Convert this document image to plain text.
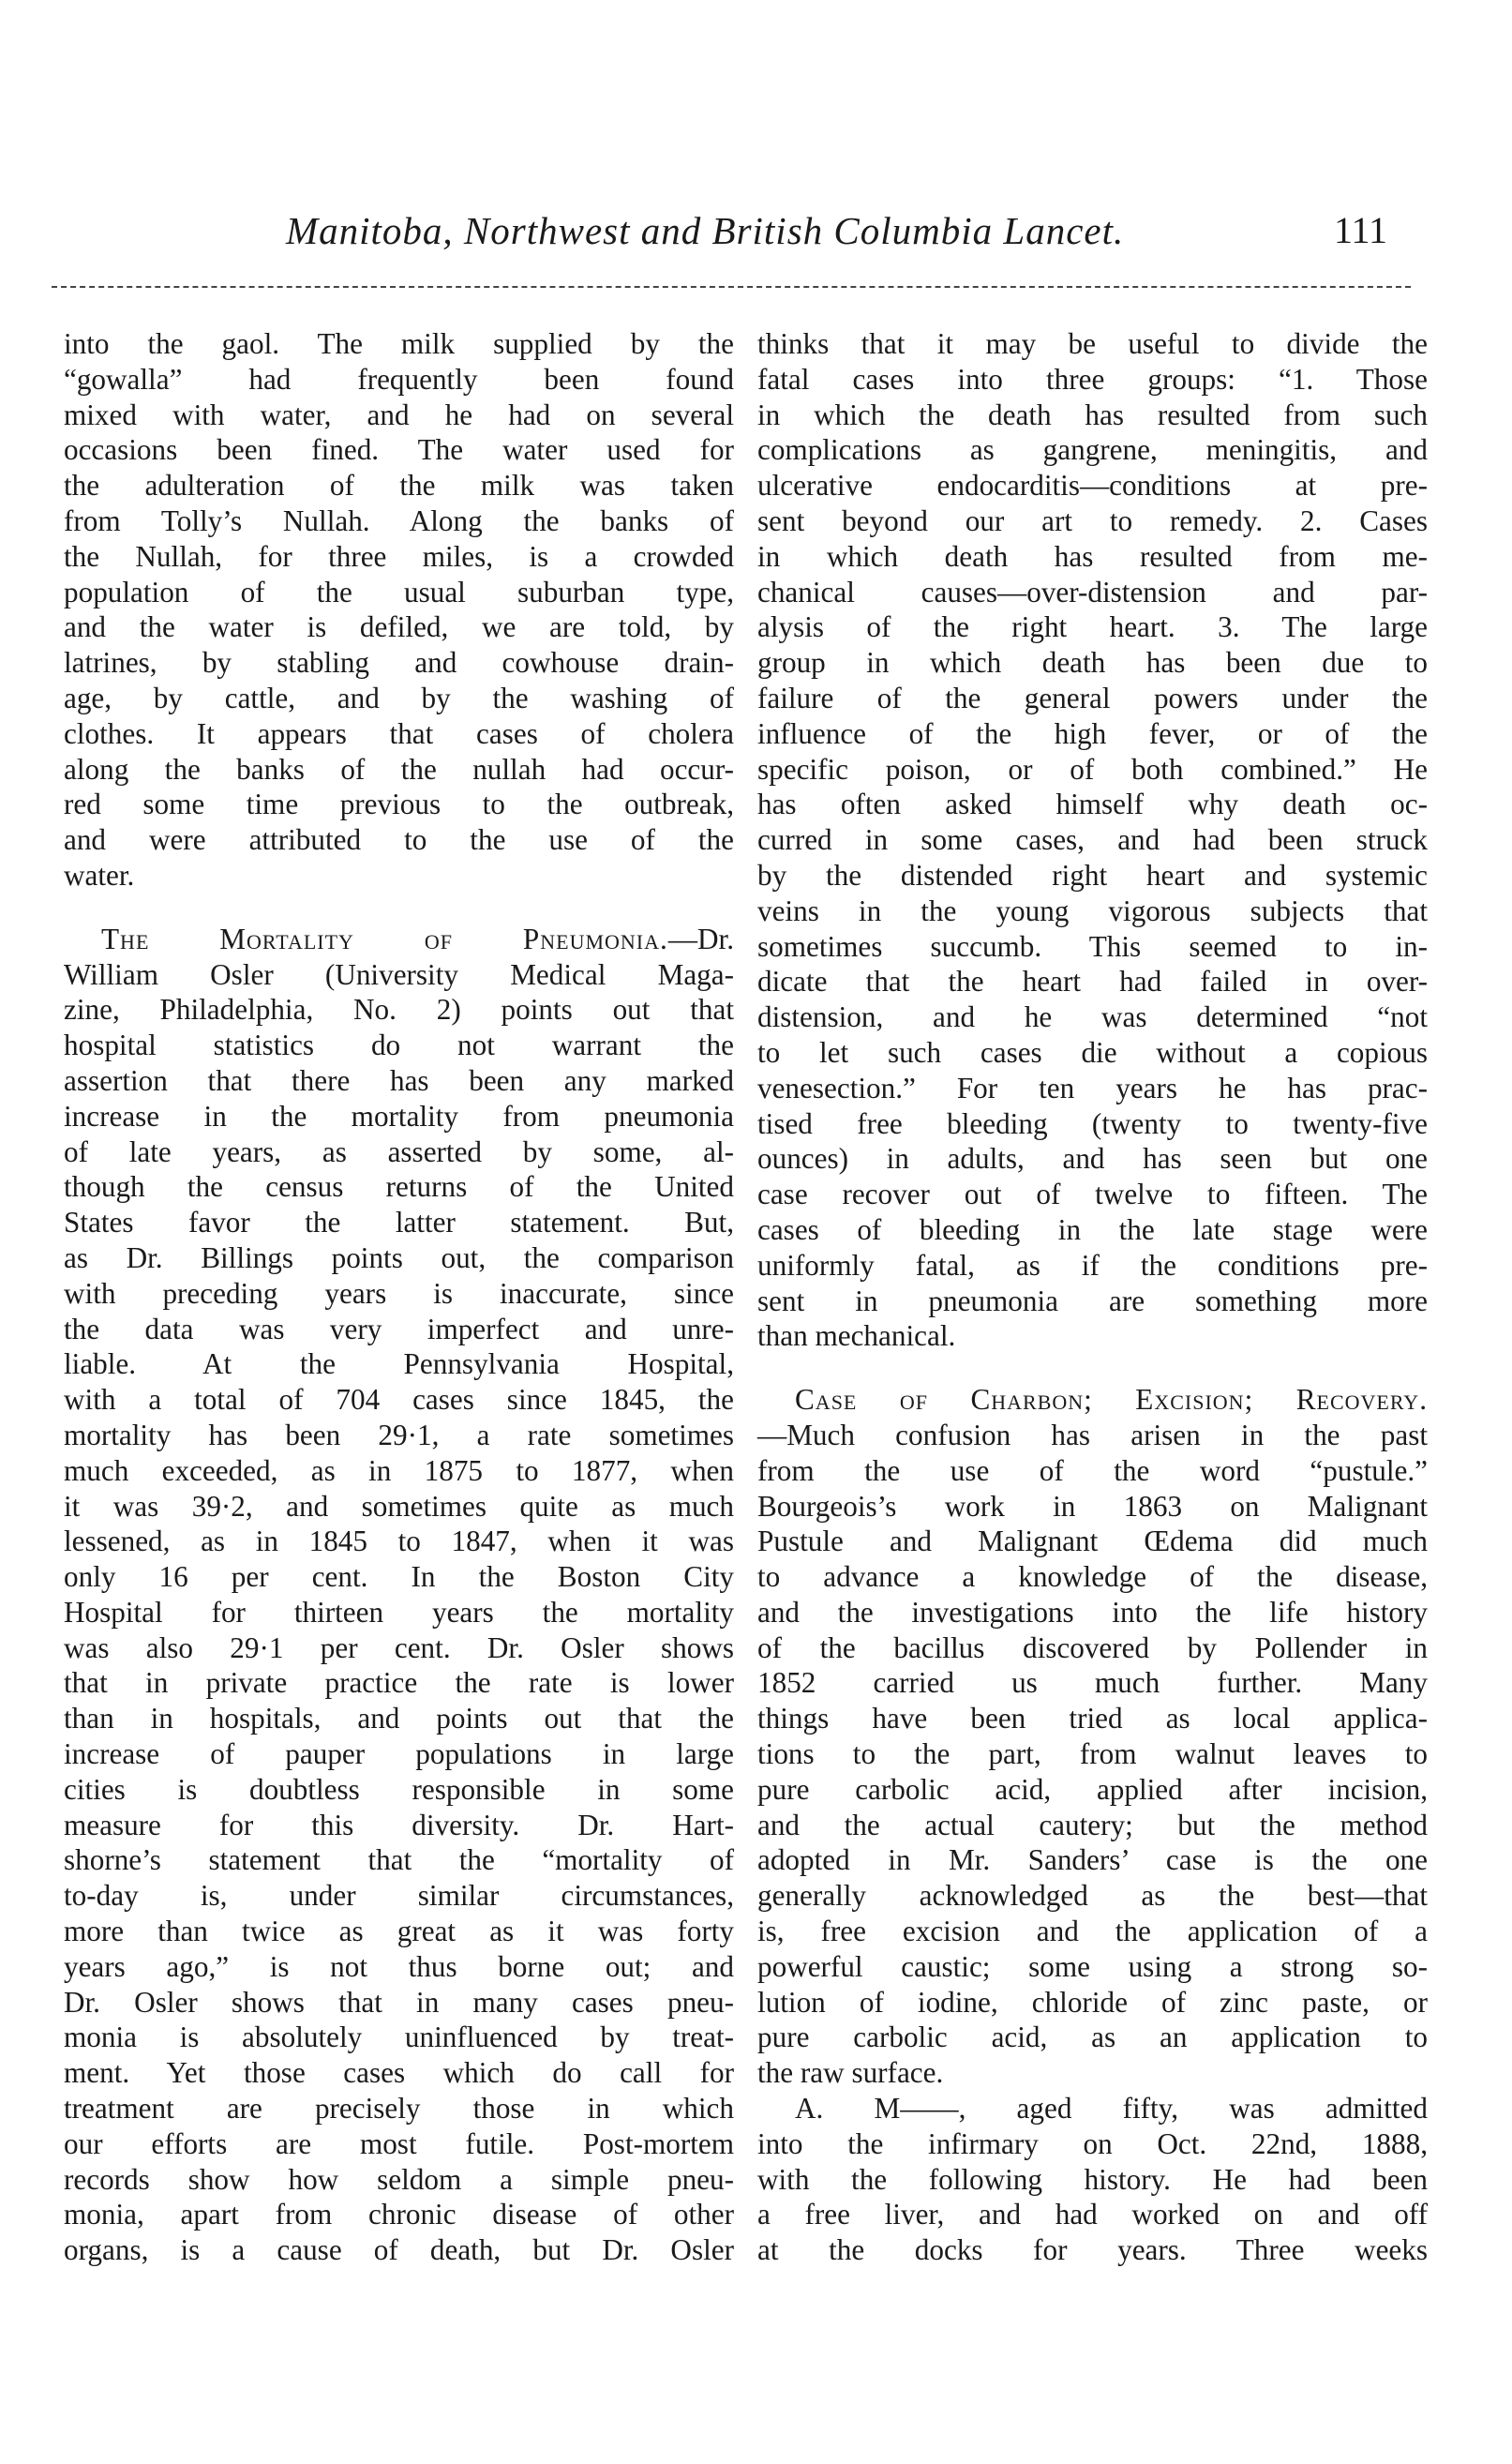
Manitoba, Northwest and British Columbia Lancet.	111
into the gaol. The milk supplied by the
“gowalla” had frequently been found
mixed with water, and he had on several
occasions been fined. The water used for
the adulteration of the milk was taken
from Tolly’s Nullah. Along the banks of
the Nullah, for three miles, is a crowded
population of the usual suburban type,
and the water is defiled, we are told, by
latrines, by stabling and cowhouse drain-
age, by cattle, and by the washing of
clothes. It appears that cases of cholera
along the banks of the nullah had occur-
red some time previous to the outbreak,
and were attributed to the use of the
water.
The Mortality of Pneumonia.—Dr.
William Osler (University Medical Maga-
zine, Philadelphia, No. 2) points out that
hospital statistics do not warrant the
assertion that there has been any marked
increase in the mortality from pneumonia
of late years, as asserted by some, al-
though the census returns of the United
States favor the latter statement. But,
as Dr. Billings points out, the comparison
with preceding years is inaccurate, since
the data was very imperfect and unre-
liable. At the Pennsylvania Hospital,
with a total of 704 cases since 1845, the
mortality has been 29·1, a rate sometimes
much exceeded, as in 1875 to 1877, when
it was 39·2, and sometimes quite as much
lessened, as in 1845 to 1847, when it was
only 16 per cent. In the Boston City
Hospital for thirteen years the mortality
was also 29·1 per cent. Dr. Osler shows
that in private practice the rate is lower
than in hospitals, and points out that the
increase of pauper populations in large
cities is doubtless responsible in some
measure for this diversity. Dr. Hart-
shorne’s statement that the “mortality of
to-day is, under similar circumstances,
more than twice as great as it was forty
years ago,” is not thus borne out; and
Dr. Osler shows that in many cases pneu-
monia is absolutely uninfluenced by treat-
ment. Yet those cases which do call for
treatment are precisely those in which
our efforts are most futile. Post-mortem
records show how seldom a simple pneu-
monia, apart from chronic disease of other
organs, is a cause of death, but Dr. Osler
thinks that it may be useful to divide the
fatal cases into three groups: “1. Those
in which the death has resulted from such
complications as gangrene, meningitis, and
ulcerative endocarditis—conditions at pre-
sent beyond our art to remedy. 2. Cases
in which death has resulted from me-
chanical causes—over-distension and par-
alysis of the right heart. 3. The large
group in which death has been due to
failure of the general powers under the
influence of the high fever, or of the
specific poison, or of both combined.” He
has often asked himself why death oc-
curred in some cases, and had been struck
by the distended right heart and systemic
veins in the young vigorous subjects that
sometimes succumb. This seemed to in-
dicate that the heart had failed in over-
distension, and he was determined “not
to let such cases die without a copious
venesection.” For ten years he has prac-
tised free bleeding (twenty to twenty-five
ounces) in adults, and has seen but one
case recover out of twelve to fifteen. The
cases of bleeding in the late stage were
uniformly fatal, as if the conditions pre-
sent in pneumonia are something more
than mechanical.
Case of Charbon; Excision; Recovery.
—Much confusion has arisen in the past
from the use of the word “pustule.”
Bourgeois’s work in 1863 on Malignant
Pustule and Malignant Œdema did much
to advance a knowledge of the disease,
and the investigations into the life history
of the bacillus discovered by Pollender in
1852 carried us much further. Many
things have been tried as local applica-
tions to the part, from walnut leaves to
pure carbolic acid, applied after incision,
and the actual cautery; but the method
adopted in Mr. Sanders’ case is the one
generally acknowledged as the best—that
is, free excision and the application of a
powerful caustic; some using a strong so-
lution of iodine, chloride of zinc paste, or
pure carbolic acid, as an application to
the raw surface.
A. M——, aged fifty, was admitted
into the infirmary on Oct. 22nd, 1888,
with the following history. He had been
a free liver, and had worked on and off
at the docks for years. Three weeks
